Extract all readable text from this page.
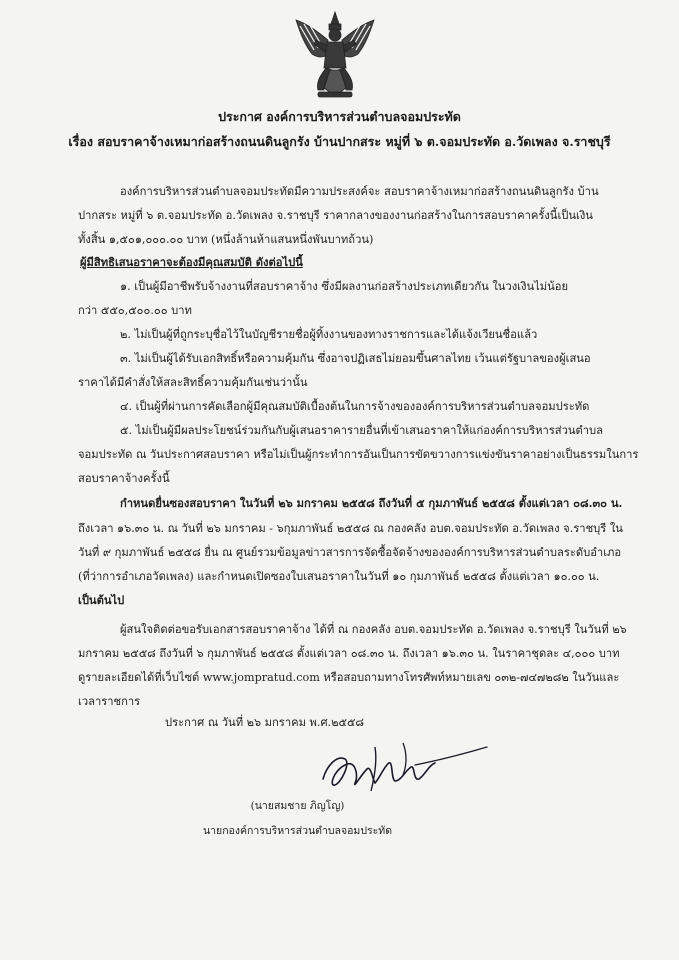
ประกาศ องค์การบริหารส่วนตำบลจอมประทัด
เรื่อง สอบราคาจ้างเหมาก่อสร้างถนนดินลูกรัง บ้านปากสระ หมู่ที่ ๖ ต.จอมประทัด อ.วัดเพลง จ.ราชบุรี
องค์การบริหารส่วนตำบลจอมประทัดมีความประสงค์จะ สอบราคาจ้างเหมาก่อสร้างถนนดินลูกรัง บ้าน
ปากสระ หมู่ที่ ๖ ต.จอมประทัด อ.วัดเพลง จ.ราชบุรี ราคากลางของงานก่อสร้างในการสอบราคาครั้งนี้เป็นเงิน
ทั้งสิ้น ๑,๕๐๑,๐๐๐.๐๐ บาท (หนึ่งล้านห้าแสนหนึ่งพันบาทถ้วน)
ผู้มีสิทธิเสนอราคาจะต้องมีคุณสมบัติ ดังต่อไปนี้
๑. เป็นผู้มีอาชีพรับจ้างงานที่สอบราคาจ้าง ซึ่งมีผลงานก่อสร้างประเภทเดียวกัน ในวงเงินไม่น้อย
กว่า ๕๕๐,๕๐๐.๐๐ บาท
๒. ไม่เป็นผู้ที่ถูกระบุชื่อไว้ในบัญชีรายชื่อผู้ทิ้งงานของทางราชการและได้แจ้งเวียนชื่อแล้ว
๓. ไม่เป็นผู้ได้รับเอกสิทธิ์หรือความคุ้มกัน ซึ่งอาจปฏิเสธไม่ยอมขึ้นศาลไทย เว้นแต่รัฐบาลของผู้เสนอ
ราคาได้มีคำสั่งให้สละสิทธิ์ความคุ้มกันเช่นว่านั้น
๔. เป็นผู้ที่ผ่านการคัดเลือกผู้มีคุณสมบัติเบื้องต้นในการจ้างขององค์การบริหารส่วนตำบลจอมประทัด
๕. ไม่เป็นผู้มีผลประโยชน์ร่วมกันกับผู้เสนอราคารายอื่นที่เข้าเสนอราคาให้แก่องค์การบริหารส่วนตำบล
จอมประทัด ณ วันประกาศสอบราคา หรือไม่เป็นผู้กระทำการอันเป็นการขัดขวางการแข่งขันราคาอย่างเป็นธรรมในการ
สอบราคาจ้างครั้งนี้
กำหนดยื่นซองสอบราคา ในวันที่ ๒๖ มกราคม ๒๕๕๘ ถึงวันที่ ๕ กุมภาพันธ์ ๒๕๕๘ ตั้งแต่เวลา ๐๘.๓๐ น.
ถึงเวลา ๑๖.๓๐ น. ณ วันที่ ๒๖ มกราคม - ๖กุมภาพันธ์ ๒๕๕๘ ณ กองคลัง อบต.จอมประทัด อ.วัดเพลง จ.ราชบุรี ใน
วันที่ ๙ กุมภาพันธ์ ๒๕๕๘ ยื่น ณ ศูนย์รวมข้อมูลข่าวสารการจัดซื้อจัดจ้างขององค์การบริหารส่วนตำบลระดับอำเภอ
(ที่ว่าการอำเภอวัดเพลง) และกำหนดเปิดซองใบเสนอราคาในวันที่ ๑๐ กุมภาพันธ์ ๒๕๕๘ ตั้งแต่เวลา ๑๐.๐๐ น.
เป็นต้นไป
ผู้สนใจติดต่อขอรับเอกสารสอบราคาจ้าง ได้ที่ ณ กองคลัง อบต.จอมประทัด อ.วัดเพลง จ.ราชบุรี ในวันที่ ๒๖
มกราคม ๒๕๕๘ ถึงวันที่ ๖ กุมภาพันธ์ ๒๕๕๘ ตั้งแต่เวลา ๐๘.๓๐ น. ถึงเวลา ๑๖.๓๐ น. ในราคาชุดละ ๔,๐๐๐ บาท
ดูรายละเอียดได้ที่เว็บไซต์ www.jompratud.com หรือสอบถามทางโทรศัพท์หมายเลข ๐๓๒-๗๔๗๒๘๒ ในวันและ
เวลาราชการ
ประกาศ ณ วันที่ ๒๖ มกราคม พ.ศ.๒๕๕๘
(นายสมชาย ภิญโญ)
นายกองค์การบริหารส่วนตำบลจอมประทัด
